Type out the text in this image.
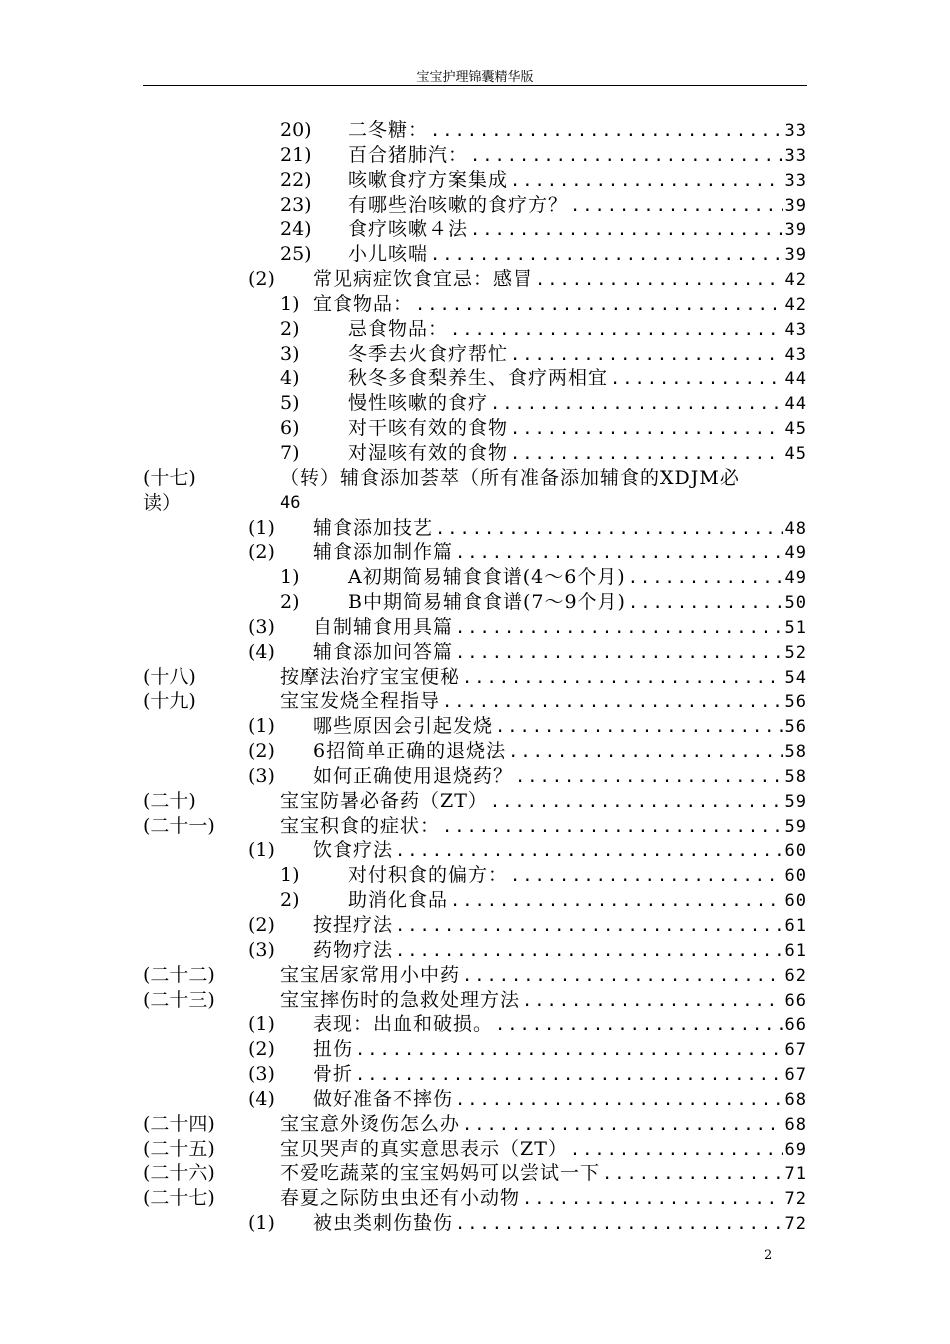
宝宝护理锦囊精华版
20) 二冬糖： .....	33
21) 百合猪肺汽： .....	33
22) 咳嗽食疗方案集成 .....	33
23) 有哪些治咳嗽的食疗方？ .....	39
24) 食疗咳嗽４法 .....	39
25) 小儿咳喘 .....	39
(2) 常见病症饮食宜忌：感冒 .....	42
1) 宜食物品： .....	42
2)	忌食物品： .....	43
3)	冬季去火食疗帮忙 .....	43
4)	秋冬多食梨养生、食疗两相宜 .....	44
5)	慢性咳嗽的食疗 .....	44
6)	对干咳有效的食物 .....	45
7)	对湿咳有效的食物 .....	45
(十七)	（转）辅食添加荟萃（所有准备添加辅食的XDJM必
读）	46
(1) 辅食添加技艺 .....	48
(2) 辅食添加制作篇 .....	49
1)	A初期简易辅食食谱(4～6个月) .....	49
2)	B中期简易辅食食谱(7～9个月) .....	50
(3) 自制辅食用具篇 .....	51
(4) 辅食添加问答篇 .....	52
(十八)	按摩法治疗宝宝便秘 .....	54
(十九)	宝宝发烧全程指导 .....	56
(1) 哪些原因会引起发烧 .....	56
(2) 6招简单正确的退烧法 .....	58
(3) 如何正确使用退烧药？ .....	58
(二十)	宝宝防暑必备药（ZT） .....	59
(二十一)	宝宝积食的症状： .....	59
(1) 饮食疗法 .....	60
1)	对付积食的偏方： .....	60
2)	助消化食品 .....	60
(2) 按捏疗法 .....	61
(3) 药物疗法 .....	61
(二十二)	宝宝居家常用小中药 .....	62
(二十三)	宝宝摔伤时的急救处理方法 .....	66
(1) 表现：出血和破损。 .....	66
(2) 扭伤 .....	67
(3) 骨折 .....	67
(4) 做好准备不摔伤 .....	68
(二十四)	宝宝意外烫伤怎么办 .....	68
(二十五)	宝贝哭声的真实意思表示（ZT） .....	69
(二十六)	不爱吃蔬菜的宝宝妈妈可以尝试一下 .....	71
(二十七)	春夏之际防虫虫还有小动物 .....	72
(1) 被虫类刺伤蛰伤 .....	72
2
